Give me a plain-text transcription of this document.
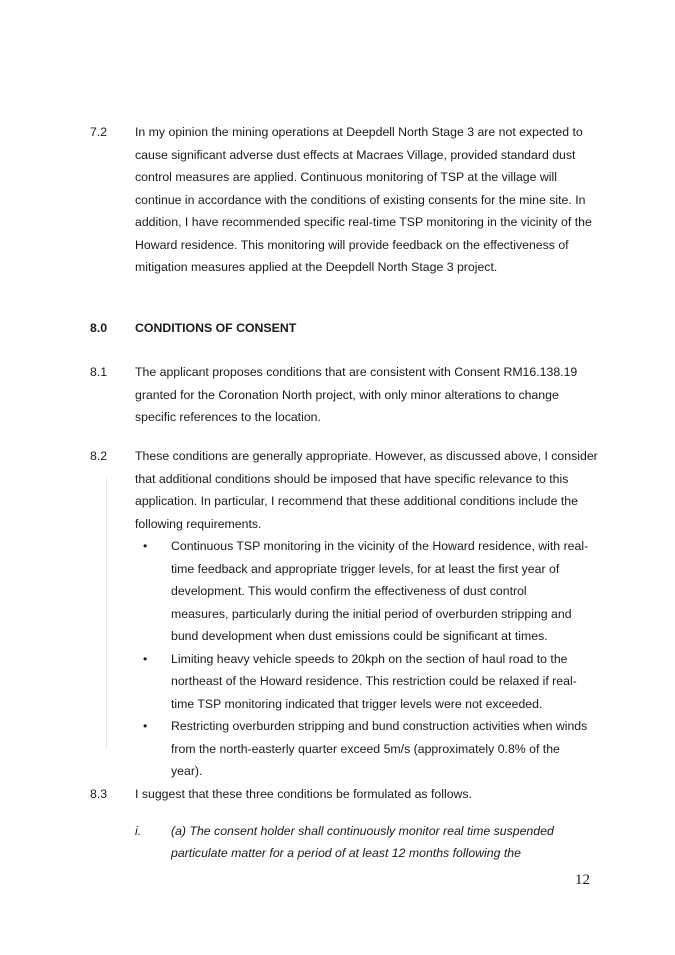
7.2	In my opinion the mining operations at Deepdell North Stage 3 are not expected to
cause significant adverse dust effects at Macraes Village, provided standard dust
control measures are applied. Continuous monitoring of TSP at the village will
continue in accordance with the conditions of existing consents for the mine site. In
addition, I have recommended specific real-time TSP monitoring in the vicinity of the
Howard residence. This monitoring will provide feedback on the effectiveness of
mitigation measures applied at the Deepdell North Stage 3 project.
8.0	CONDITIONS OF CONSENT
8.1	The applicant proposes conditions that are consistent with Consent RM16.138.19
granted for the Coronation North project, with only minor alterations to change
specific references to the location.
8.2	These conditions are generally appropriate. However, as discussed above, I consider
that additional conditions should be imposed that have specific relevance to this
application. In particular, I recommend that these additional conditions include the
following requirements.
• Continuous TSP monitoring in the vicinity of the Howard residence, with real-
time feedback and appropriate trigger levels, for at least the first year of
development. This would confirm the effectiveness of dust control
measures, particularly during the initial period of overburden stripping and
bund development when dust emissions could be significant at times.
• Limiting heavy vehicle speeds to 20kph on the section of haul road to the
northeast of the Howard residence. This restriction could be relaxed if real-
time TSP monitoring indicated that trigger levels were not exceeded.
• Restricting overburden stripping and bund construction activities when winds
from the north-easterly quarter exceed 5m/s (approximately 0.8% of the
year).
8.3	I suggest that these three conditions be formulated as follows.
i. (a) The consent holder shall continuously monitor real time suspended
particulate matter for a period of at least 12 months following the
12
